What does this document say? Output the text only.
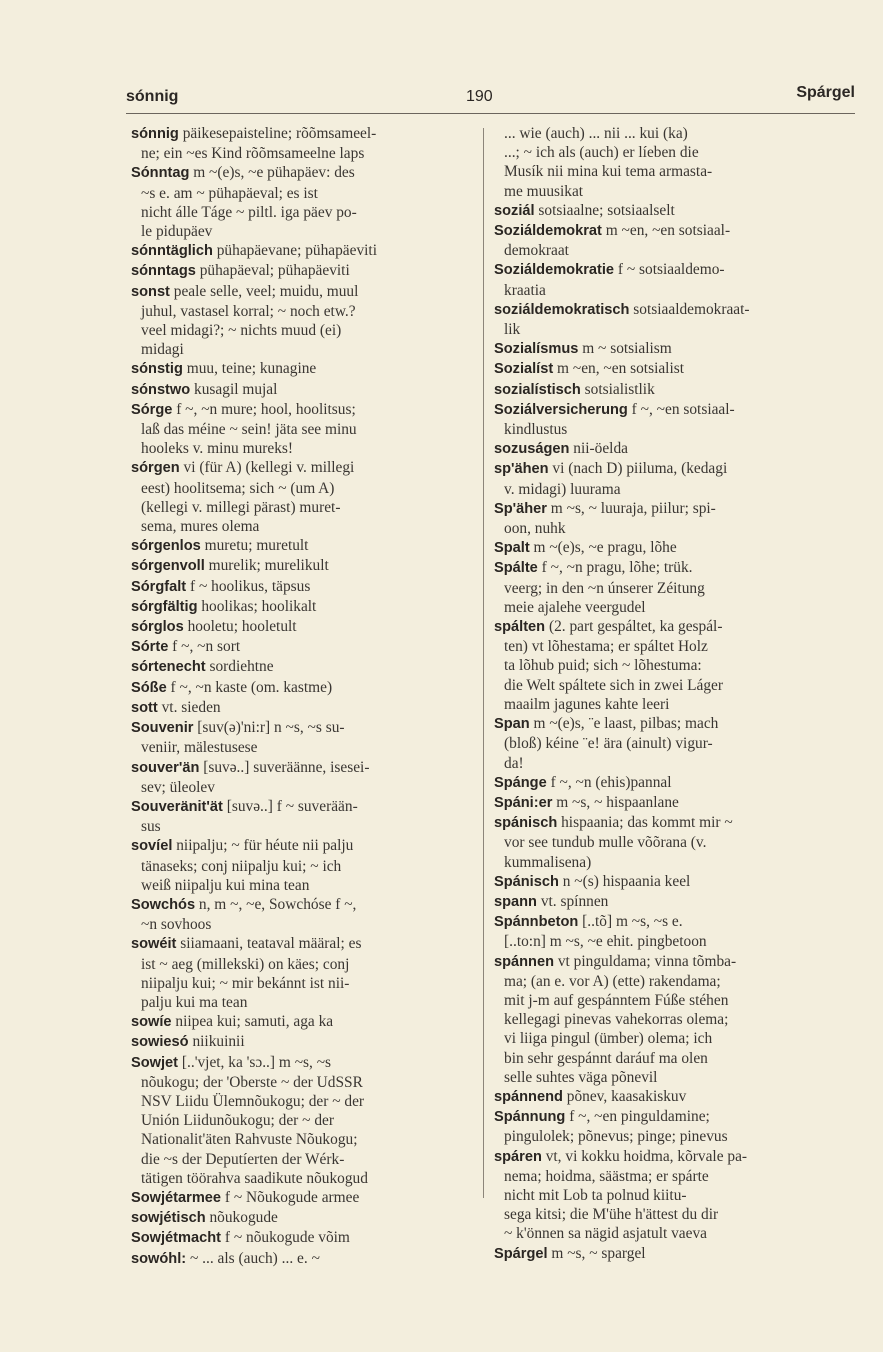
sónnig	190	Spárgel
sónnig päikesepaisteline; rõõmsameel-
ne; ein ~es Kind rõõmsameelne laps
Sónntag m ~(e)s, ~e pühapäev: des
~s e. am ~ pühapäeval; es ist
nicht álle Táge ~ piltl. iga päev po-
le pidupäev
sónntäglich pühapäevane; pühapäeviti
sónntags pühapäeval; pühapäeviti
sonst peale selle, veel; muidu, muul
juhul, vastasel korral; ~ noch etw.?
veel midagi?; ~ nichts muud (ei)
midagi
sónstig muu, teine; kunagine
sónstwo kusagil mujal
Sórge f ~, ~n mure; hool, hoolitsus;
laß das méine ~ sein! jäta see minu
hooleks v. minu mureks!
sórgen vi (für A) (kellegi v. millegi
eest) hoolitsema; sich ~ (um A)
(kellegi v. millegi pärast) muret-
sema, mures olema
sórgenlos muretu; muretult
sórgenvoll murelik; murelikult
Sórgfalt f ~ hoolikus, täpsus
sórgfältig hoolikas; hoolikalt
sórglos hooletu; hooletult
Sórte f ~, ~n sort
sórtenecht sordiehtne
Sóße f ~, ~n kaste (om. kastme)
sott vt. sieden
Souvenir [suv(ə)'ni:r] n ~s, ~s su-
veniir, mälestusese
souver'än [suvə..] suveräänne, isesei-
sev; üleolev
Souveränit'ät [suvə..] f ~ suverään-
sus
sovíel niipalju; ~ für héute nii palju
tänaseks; conj niipalju kui; ~ ich
weiß niipalju kui mina tean
Sowchós n, m ~, ~e, Sowchóse f ~,
~n sovhoos
sowéit siiamaani, teataval määral; es
ist ~ aeg (millekski) on käes; conj
niipalju kui; ~ mir bekánnt ist nii-
palju kui ma tean
sowíe niipea kui; samuti, aga ka
sowiesó niikuinii
Sowjet [..'vjet, ka 'sɔ..] m ~s, ~s
nõukogu; der 'Oberste ~ der UdSSR
NSV Liidu Ülemnõukogu; der ~ der
Unión Liidunõukogu; der ~ der
Nationalit'äten Rahvuste Nõukogu;
die ~s der Deputíerten der Wérk-
tätigen töörahva saadikute nõukogud
Sowjétarmee f ~ Nõukogude armee
sowjétisch nõukogude
Sowjétmacht f ~ nõukogude võim
sowóhl: ~ ... als (auch) ... e. ~
... wie (auch) ... nii ... kui (ka)
...; ~ ich als (auch) er líeben die
Musík nii mina kui tema armasta-
me muusikat
soziál sotsiaalne; sotsiaalselt
Soziáldemokrat m ~en, ~en sotsiaal-
demokraat
Soziáldemokratie f ~ sotsiaaldemo-
kraatia
soziáldemokratisch sotsiaaldemokraat-
lik
Sozialísmus m ~ sotsialism
Sozialíst m ~en, ~en sotsialist
sozialístisch sotsialistlik
Soziálversicherung f ~, ~en sotsiaal-
kindlustus
sozuságen nii-öelda
sp'ähen vi (nach D) piiluma, (kedagi
v. midagi) luurama
Sp'äher m ~s, ~ luuraja, piilur; spi-
oon, nuhk
Spalt m ~(e)s, ~e pragu, lõhe
Spálte f ~, ~n pragu, lõhe; trük.
veerg; in den ~n únserer Zéitung
meie ajalehe veergudel
spálten (2. part gespáltet, ka gespál-
ten) vt lõhestama; er spáltet Holz
ta lõhub puid; sich ~ lõhestuma:
die Welt spáltete sich in zwei Láger
maailm jagunes kahte leeri
Span m ~(e)s, ¨e laast, pilbas; mach
(bloß) kéine ¨e! ära (ainult) vigur-
da!
Spánge f ~, ~n (ehis)pannal
Spáni:er m ~s, ~ hispaanlane
spánisch hispaania; das kommt mir ~
vor see tundub mulle võõrana (v.
kummalisena)
Spánisch n ~(s) hispaania keel
spann vt. spínnen
Spánnbeton [..tõ] m ~s, ~s e.
[..to:n] m ~s, ~e ehit. pingbetoon
spánnen vt pinguldama; vinna tõmba-
ma; (an e. vor A) (ette) rakendama;
mit j-m auf gespánntem Fúße stéhen
kellegagi pinevas vahekorras olema;
vi liiga pingul (ümber) olema; ich
bin sehr gespánnt daráuf ma olen
selle suhtes väga põnevil
spánnend põnev, kaasakiskuv
Spánnung f ~, ~en pinguldamine;
pingulolek; põnevus; pinge; pinevus
spáren vt, vi kokku hoidma, kõrvale pa-
nema; hoidma, säästma; er spárte
nicht mit Lob ta polnud kiitu-
sega kitsi; die M'ühe h'ättest du dir
~ k'önnen sa nägid asjatult vaeva
Spárgel m ~s, ~ spargel
